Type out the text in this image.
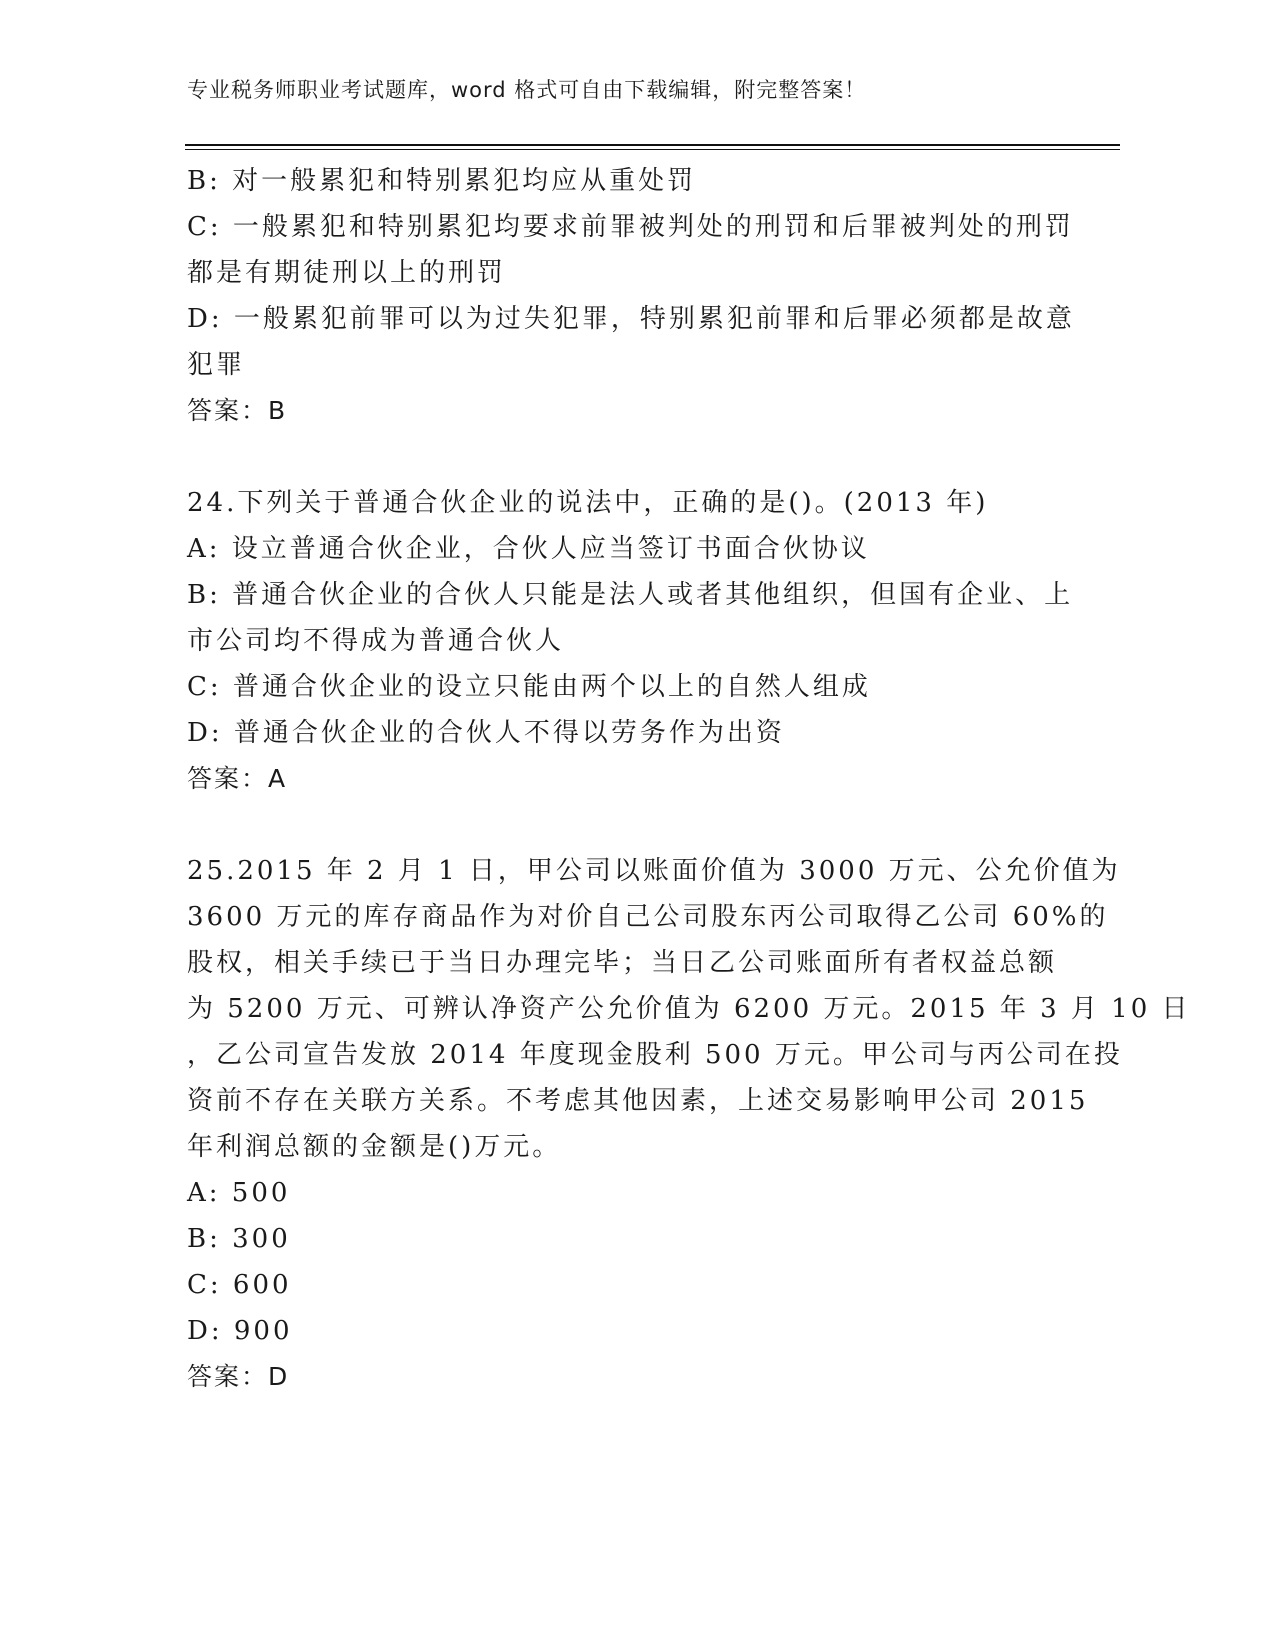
专业税务师职业考试题库，word 格式可自由下载编辑，附完整答案！
B: 对一般累犯和特别累犯均应从重处罚
C: 一般累犯和特别累犯均要求前罪被判处的刑罚和后罪被判处的刑罚
都是有期徒刑以上的刑罚
D: 一般累犯前罪可以为过失犯罪，特别累犯前罪和后罪必须都是故意
犯罪
答案：B
24.下列关于普通合伙企业的说法中，正确的是()。(2013 年)
A: 设立普通合伙企业，合伙人应当签订书面合伙协议
B: 普通合伙企业的合伙人只能是法人或者其他组织，但国有企业、上
市公司均不得成为普通合伙人
C: 普通合伙企业的设立只能由两个以上的自然人组成
D: 普通合伙企业的合伙人不得以劳务作为出资
答案：A
25.2015 年 2 月 1 日，甲公司以账面价值为 3000 万元、公允价值为
3600 万元的库存商品作为对价自己公司股东丙公司取得乙公司 60%的
股权，相关手续已于当日办理完毕；当日乙公司账面所有者权益总额
为 5200 万元、可辨认净资产公允价值为 6200 万元。2015 年 3 月 10 日
，乙公司宣告发放 2014 年度现金股利 500 万元。甲公司与丙公司在投
资前不存在关联方关系。不考虑其他因素，上述交易影响甲公司 2015
年利润总额的金额是()万元。
A: 500
B: 300
C: 600
D: 900
答案：D
